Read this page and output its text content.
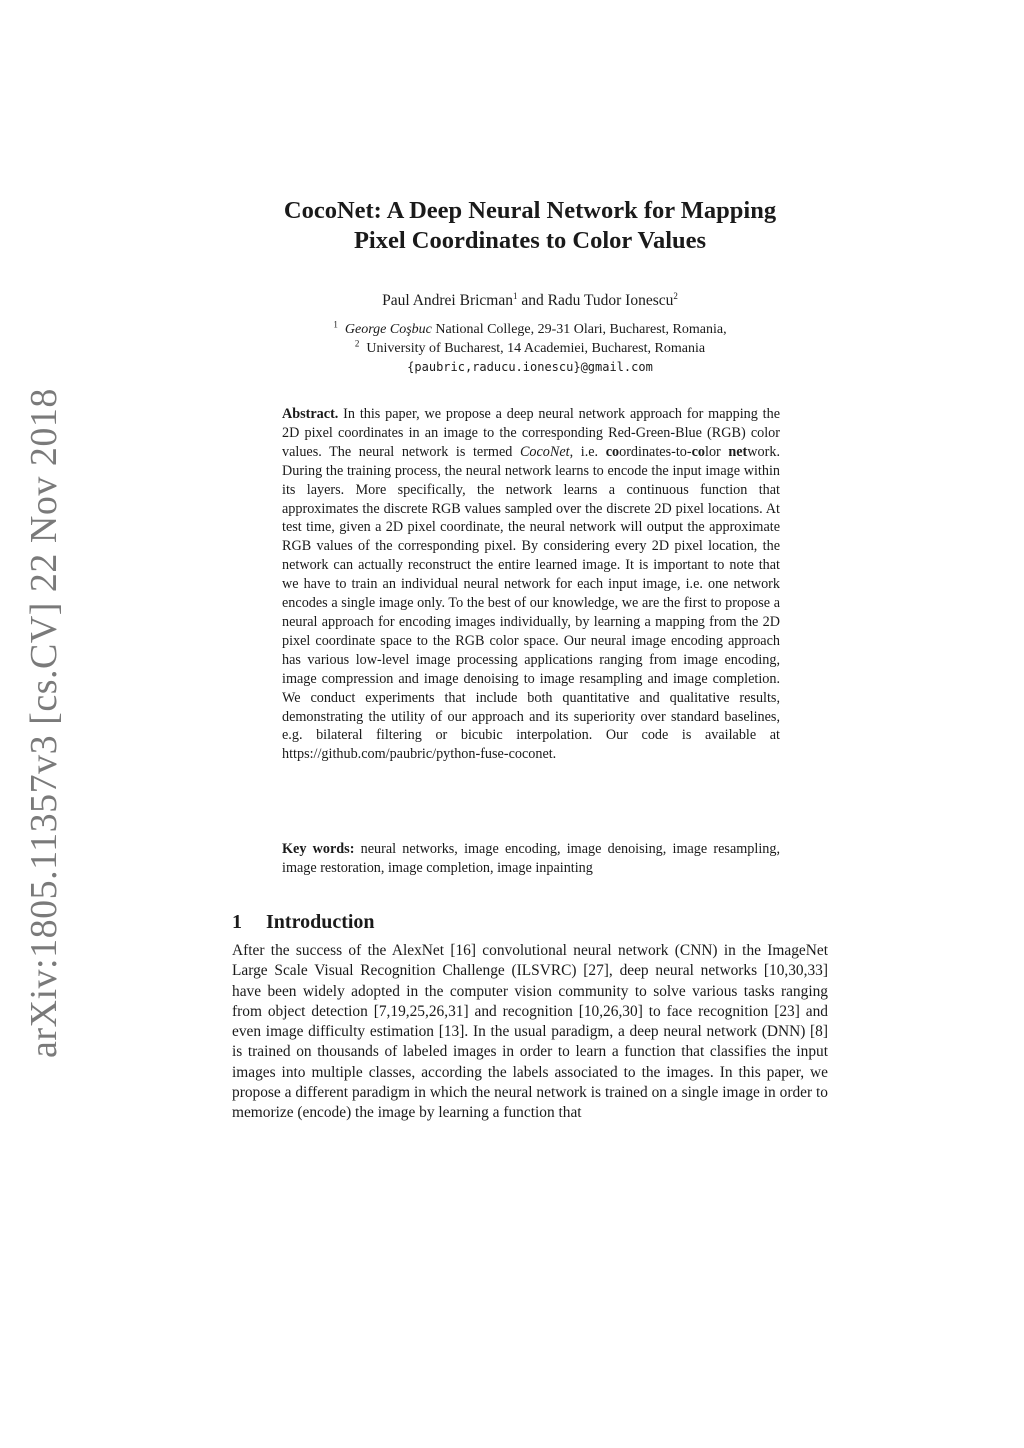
arXiv:1805.11357v3 [cs.CV] 22 Nov 2018
CocoNet: A Deep Neural Network for Mapping
Pixel Coordinates to Color Values
Paul Andrei Bricman$^1$ and Radu Tudor Ionescu$^2$
$^1$ George Coşbuc National College, 29-31 Olari, Bucharest, Romania,
$^2$ University of Bucharest, 14 Academiei, Bucharest, Romania
{paubric,raducu.ionescu}@gmail.com
Abstract. In this paper, we propose a deep neural network approach for mapping the 2D pixel coordinates in an image to the corresponding Red-Green-Blue (RGB) color values. The neural network is termed CocoNet, i.e. coordinates-to-color network. During the training process, the neural network learns to encode the input image within its layers. More specifically, the network learns a continuous function that approximates the discrete RGB values sampled over the discrete 2D pixel locations. At test time, given a 2D pixel coordinate, the neural network will output the approximate RGB values of the corresponding pixel. By considering every 2D pixel location, the network can actually reconstruct the entire learned image. It is important to note that we have to train an individual neural network for each input image, i.e. one network encodes a single image only. To the best of our knowledge, we are the first to propose a neural approach for encoding images individually, by learning a mapping from the 2D pixel coordinate space to the RGB color space. Our neural image encoding approach has various low-level image processing applications ranging from image encoding, image compression and image denoising to image resampling and image completion. We conduct experiments that include both quantitative and qualitative results, demonstrating the utility of our approach and its superiority over standard baselines, e.g. bilateral filtering or bicubic interpolation. Our code is available at https://github.com/paubric/python-fuse-coconet.
Key words: neural networks, image encoding, image denoising, image resampling, image restoration, image completion, image inpainting
1 Introduction
After the success of the AlexNet [16] convolutional neural network (CNN) in the ImageNet Large Scale Visual Recognition Challenge (ILSVRC) [27], deep neural networks [10,30,33] have been widely adopted in the computer vision community to solve various tasks ranging from object detection [7,19,25,26,31] and recognition [10,26,30] to face recognition [23] and even image difficulty estimation [13]. In the usual paradigm, a deep neural network (DNN) [8] is trained on thousands of labeled images in order to learn a function that classifies the input images into multiple classes, according the labels associated to the images. In this paper, we propose a different paradigm in which the neural network is trained on a single image in order to memorize (encode) the image by learning a function that
